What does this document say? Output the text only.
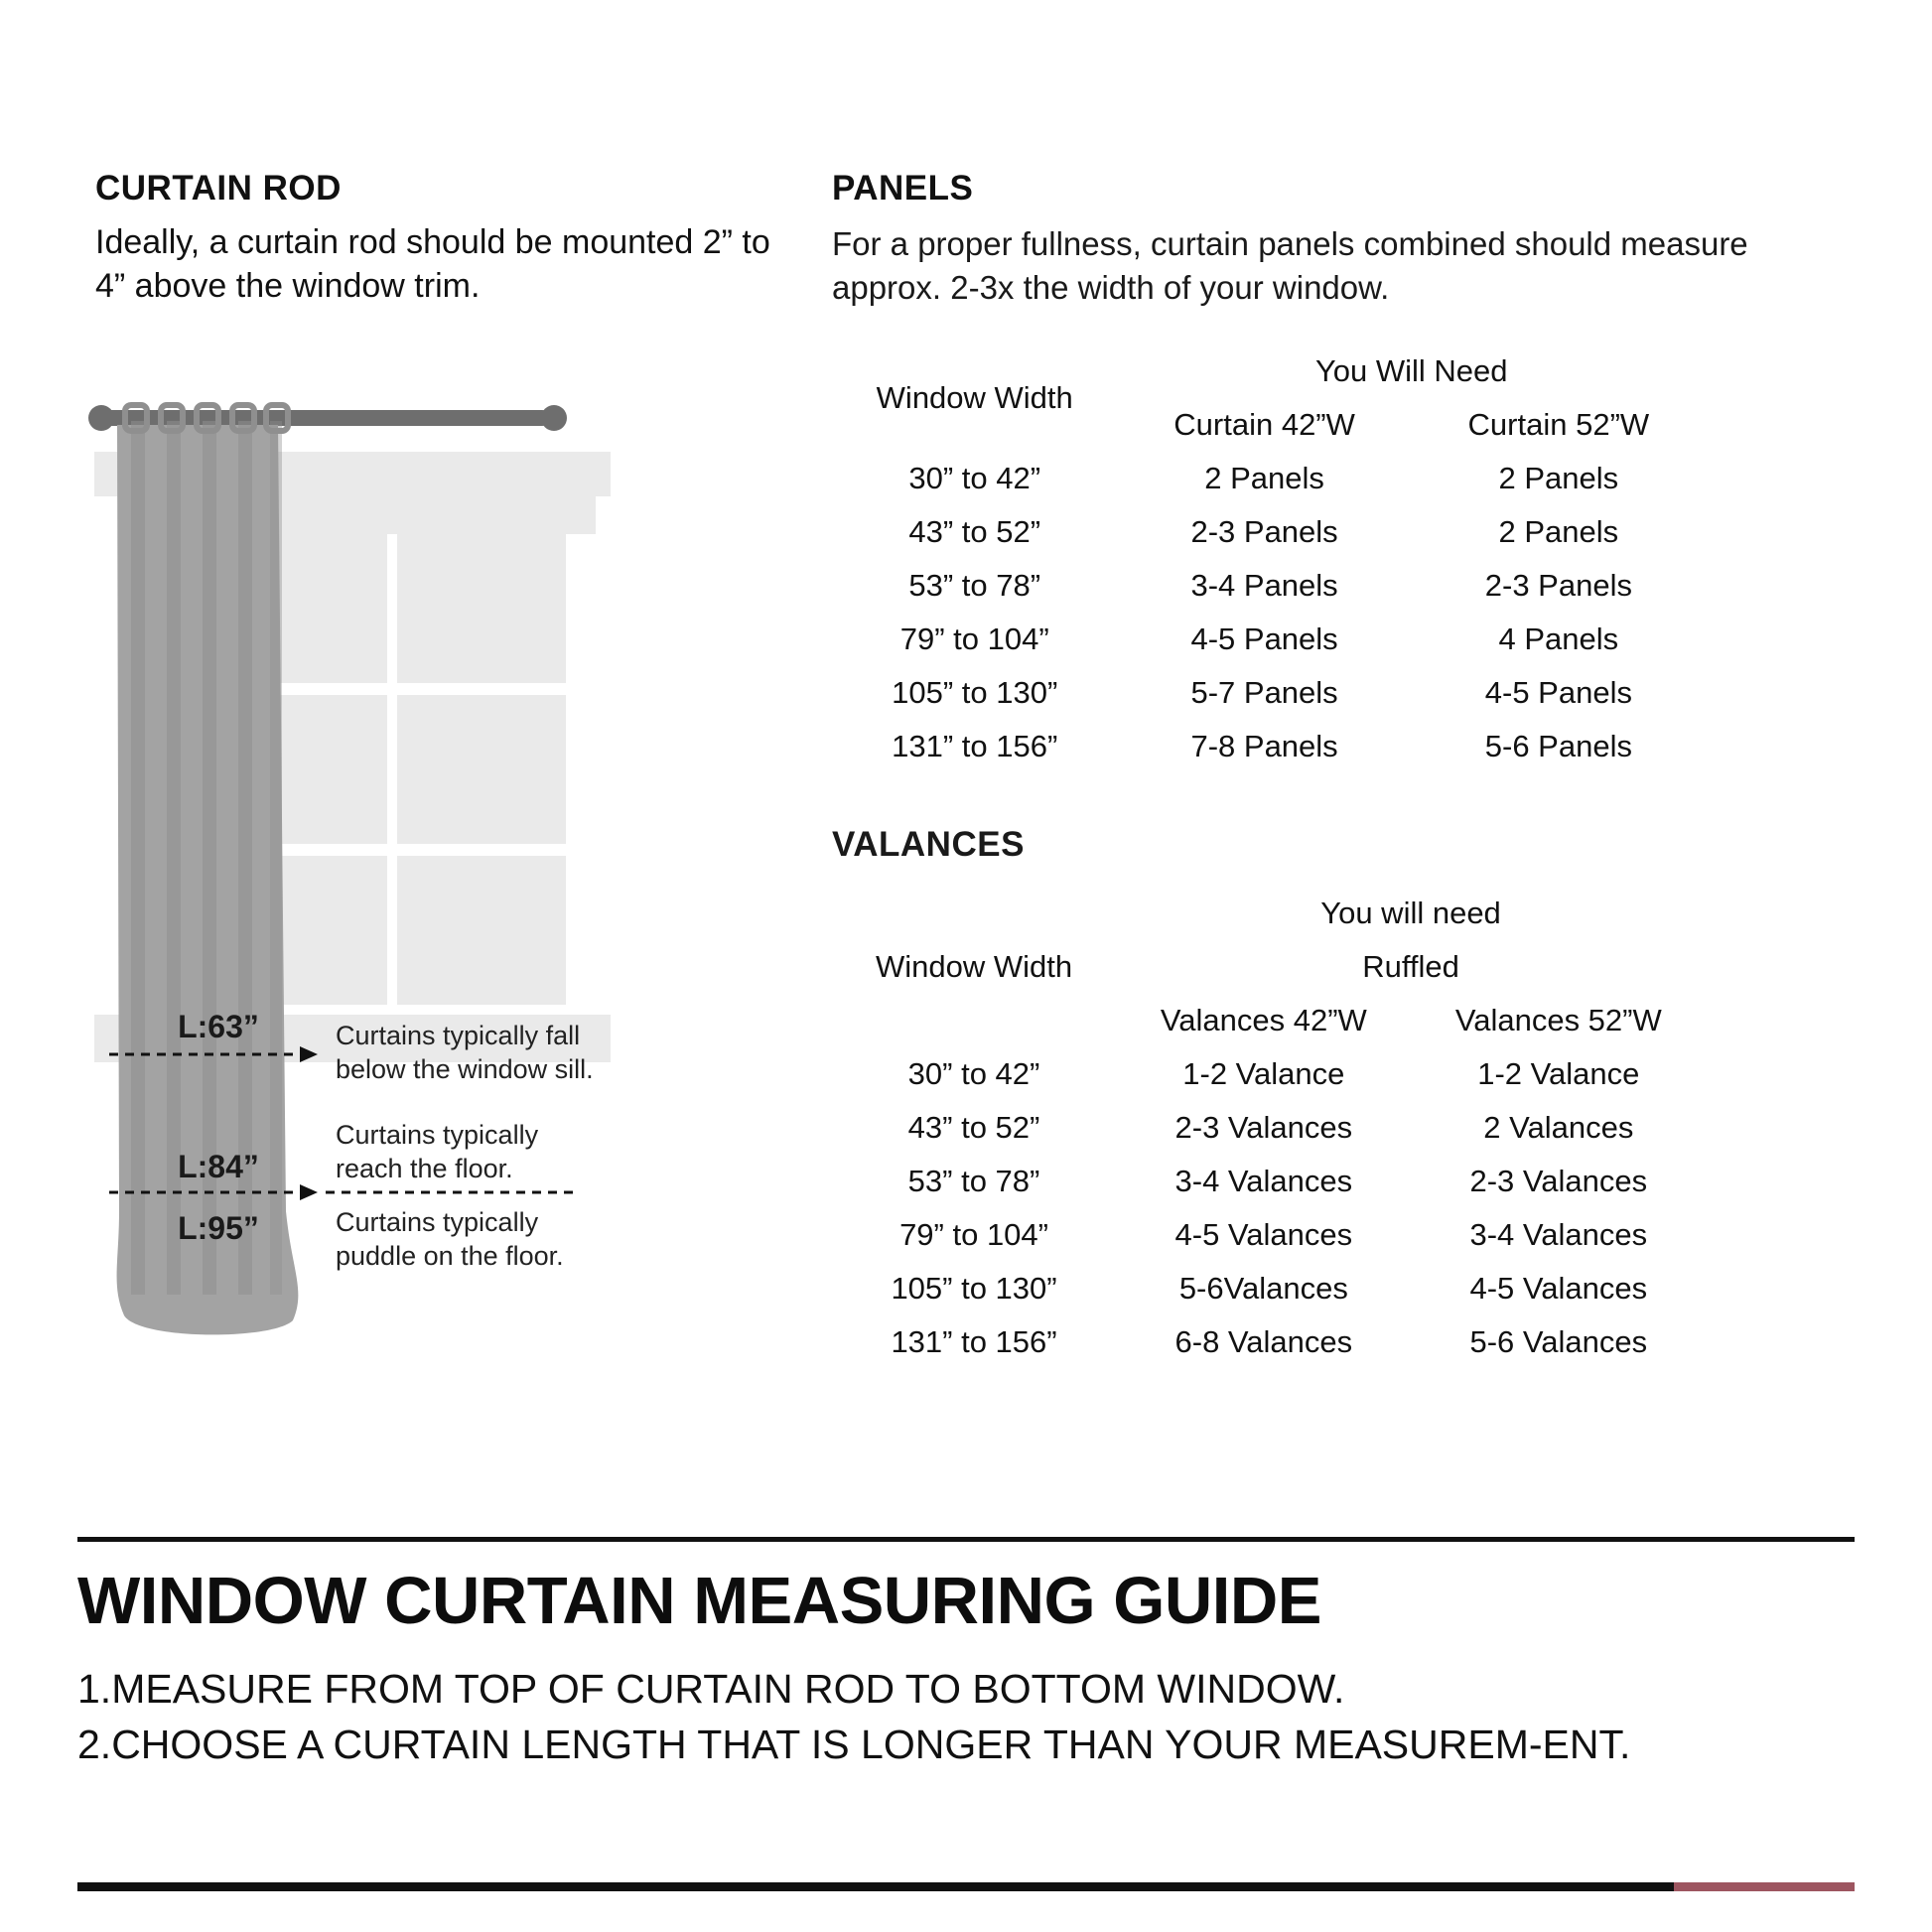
CURTAIN ROD

Ideally, a curtain rod should be mounted 2” to 4” above the window trim.

L:63”	Curtains typically fall
below the window sill.
L:84”
Curtains typically
reach the floor.
L:95”	Curtains typically
puddle on the floor.
PANELS

For a proper fullness, curtain panels combined should measure approx. 2-3x the width of your window.

Window Width	You Will Need	
	Curtain 42”W	Curtain 52”W
30” to 42”	2 Panels	2 Panels
43” to 52”	2-3 Panels	2 Panels
53” to 78”	3-4 Panels	2-3 Panels
79” to 104”	4-5 Panels	4 Panels
105” to 130”	5-7 Panels	4-5 Panels
131” to 156”	7-8 Panels	5-6 Panels
VALANCES
Window Width	You will need	
	Ruffled	
	Valances 42”W	Valances 52”W
30” to 42”	1-2 Valance	1-2 Valance
43” to 52”	2-3 Valances	2 Valances
53” to 78”	3-4 Valances	2-3 Valances
79” to 104”	4-5 Valances	3-4 Valances
105” to 130”	5-6Valances	4-5 Valances
131” to 156”	6-8 Valances	5-6 Valances
WINDOW CURTAIN MEASURING GUIDE

1.MEASURE FROM TOP OF CURTAIN ROD TO BOTTOM WINDOW.

2.CHOOSE A CURTAIN LENGTH THAT IS LONGER THAN YOUR MEASUREM-ENT.
